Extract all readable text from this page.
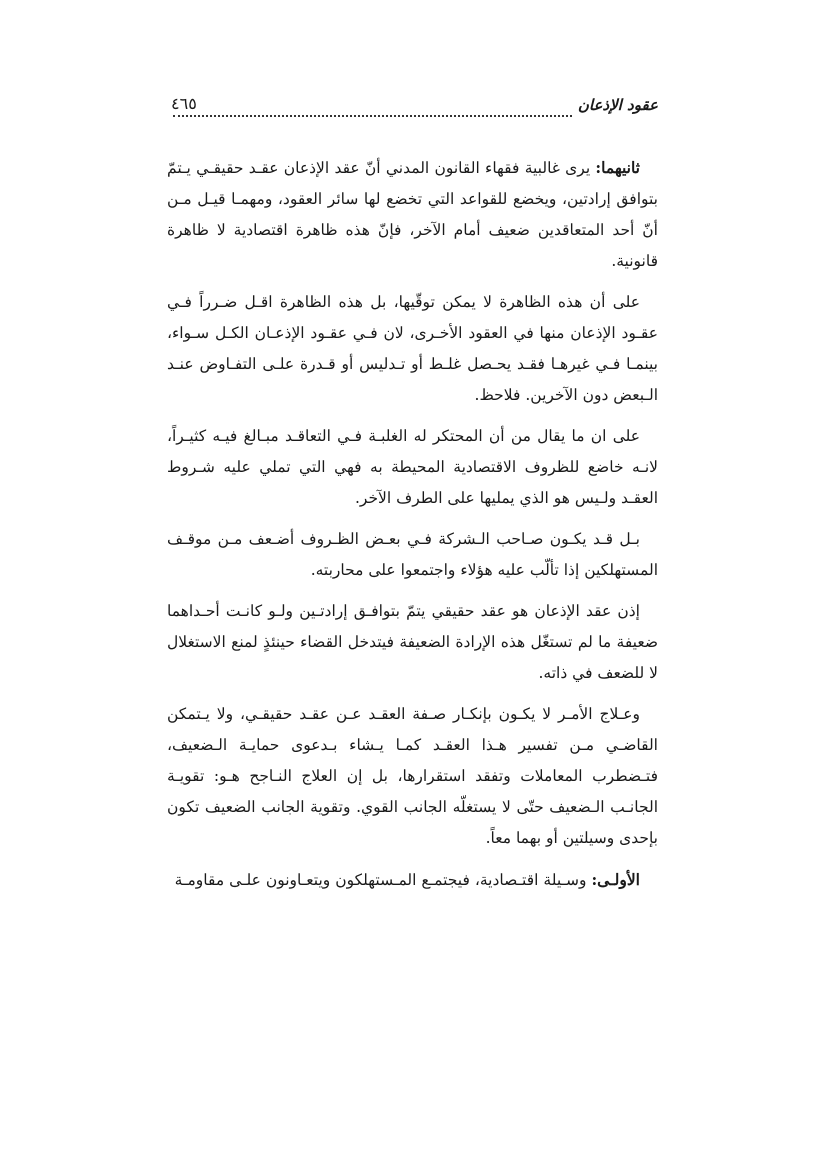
عقود الإذعان
٤٦٥

ثانيهما: يرى غالبية فقهاء القانون المدني أنّ عقد الإذعان عقـد حقيقـي يـتمّ بتوافق إرادتين، ويخضع للقواعد التي تخضع لها سائر العقود، ومهمـا قيـل مـن أنّ أحد المتعاقدين ضعيف أمام الآخر، فإنّ هذه ظاهرة اقتصادية لا ظاهرة قانونية.

على أن هذه الظاهرة لا يمكن توقّيها، بل هذه الظاهرة اقـل ضـرراً فـي عقـود الإذعان منها في العقود الأخـرى، لان فـي عقـود الإذعـان الكـل سـواء، بينمـا فـي غيرهـا فقـد يحـصل غلـط أو تـدليس أو قـدرة علـى التفـاوض عنـد الـبعض دون الآخرين. فلاحظ.

على ان ما يقال من أن المحتكر له الغلبـة فـي التعاقـد مبـالغ فيـه كثيـراً، لانـه خاضع للظروف الاقتصادية المحيطة به فهي التي تملي عليه شـروط العقـد ولـيس هو الذي يمليها على الطرف الآخر.

بـل قـد يكـون صـاحب الـشركة فـي بعـض الظـروف أضـعف مـن موقـف المستهلكين إذا تألّب عليه هؤلاء واجتمعوا على محاربته.

إذن عقد الإذعان هو عقد حقيقي يتمّ بتوافـق إرادتـين ولـو كانـت أحـداهما ضعيفة ما لم تستغّل هذه الإرادة الضعيفة فيتدخل القضاء حينئذٍ لمنع الاستغلال لا للضعف في ذاته.

وعـلاج الأمـر لا يكـون بإنكـار صـفة العقـد عـن عقـد حقيقـي، ولا يـتمكن القاضـي مـن تفسير هـذا العقـد كمـا يـشاء بـدعوى حمايـة الـضعيف، فتـضطرب المعاملات وتفقد استقرارها، بل إن العلاج النـاجح هـو: تقويـة الجانـب الـضعيف حتّى لا يستغلّه الجانب القوي. وتقوية الجانب الضعيف تكون بإحدى وسيلتين أو بهما معاً.

الأولـى: وسـيلة اقتـصادية، فيجتمـع المـستهلكون ويتعـاونون علـى مقاومـة
